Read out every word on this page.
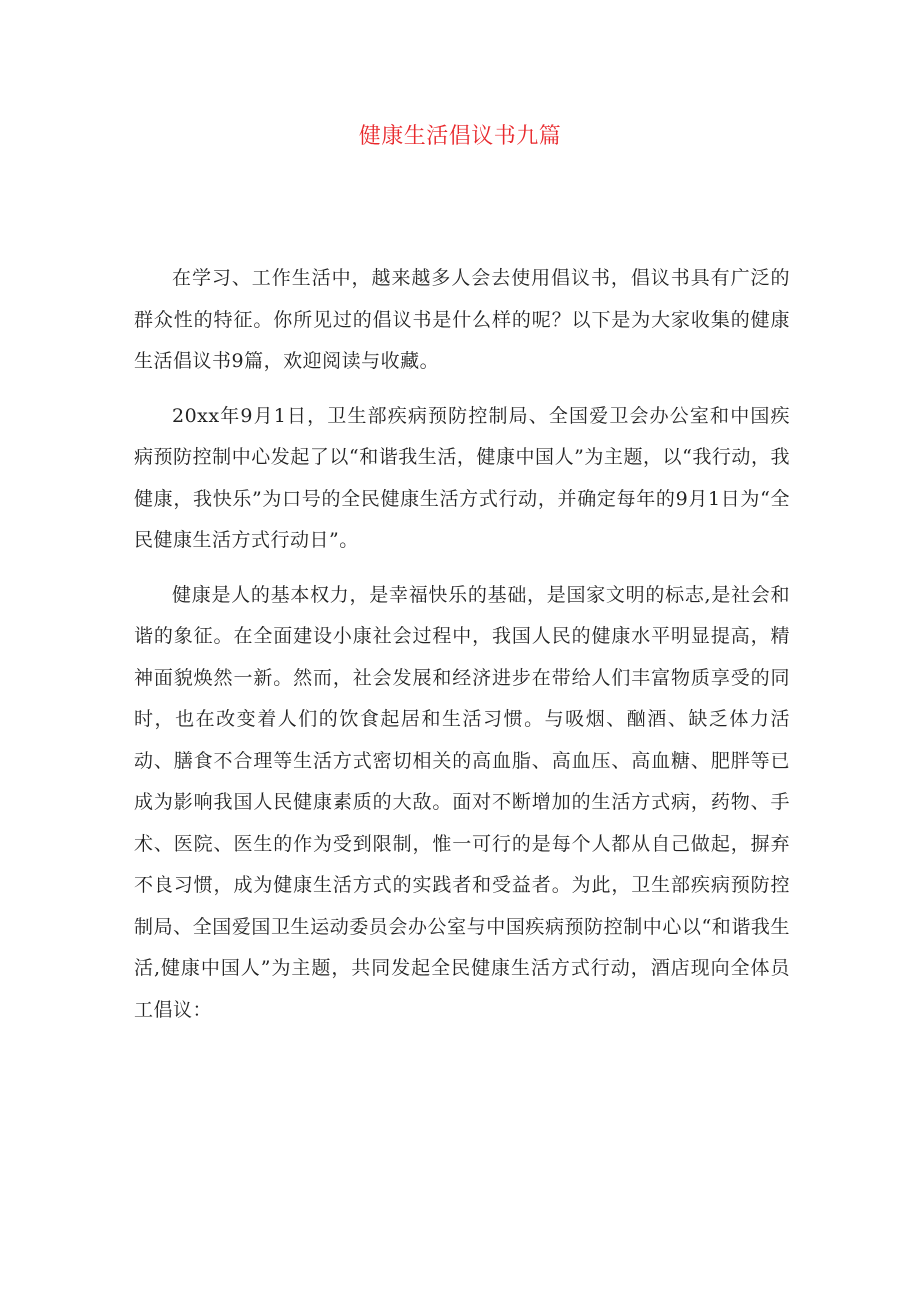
健康生活倡议书九篇

在学习、工作生活中，越来越多人会去使用倡议书，倡议书具有广泛的群众性的特征。你所见过的倡议书是什么样的呢？以下是为大家收集的健康生活倡议书9篇，欢迎阅读与收藏。

20xx年9月1日，卫生部疾病预防控制局、全国爱卫会办公室和中国疾病预防控制中心发起了以“和谐我生活，健康中国人”为主题，以“我行动，我健康，我快乐”为口号的全民健康生活方式行动，并确定每年的9月1日为“全民健康生活方式行动日”。

健康是人的基本权力，是幸福快乐的基础，是国家文明的标志,是社会和谐的象征。在全面建设小康社会过程中，我国人民的健康水平明显提高，精神面貌焕然一新。然而，社会发展和经济进步在带给人们丰富物质享受的同时，也在改变着人们的饮食起居和生活习惯。与吸烟、酗酒、缺乏体力活动、膳食不合理等生活方式密切相关的高血脂、高血压、高血糖、肥胖等已成为影响我国人民健康素质的大敌。面对不断增加的生活方式病，药物、手术、医院、医生的作为受到限制，惟一可行的是每个人都从自己做起，摒弃不良习惯，成为健康生活方式的实践者和受益者。为此，卫生部疾病预防控制局、全国爱国卫生运动委员会办公室与中国疾病预防控制中心以“和谐我生活,健康中国人”为主题，共同发起全民健康生活方式行动，酒店现向全体员工倡议：
